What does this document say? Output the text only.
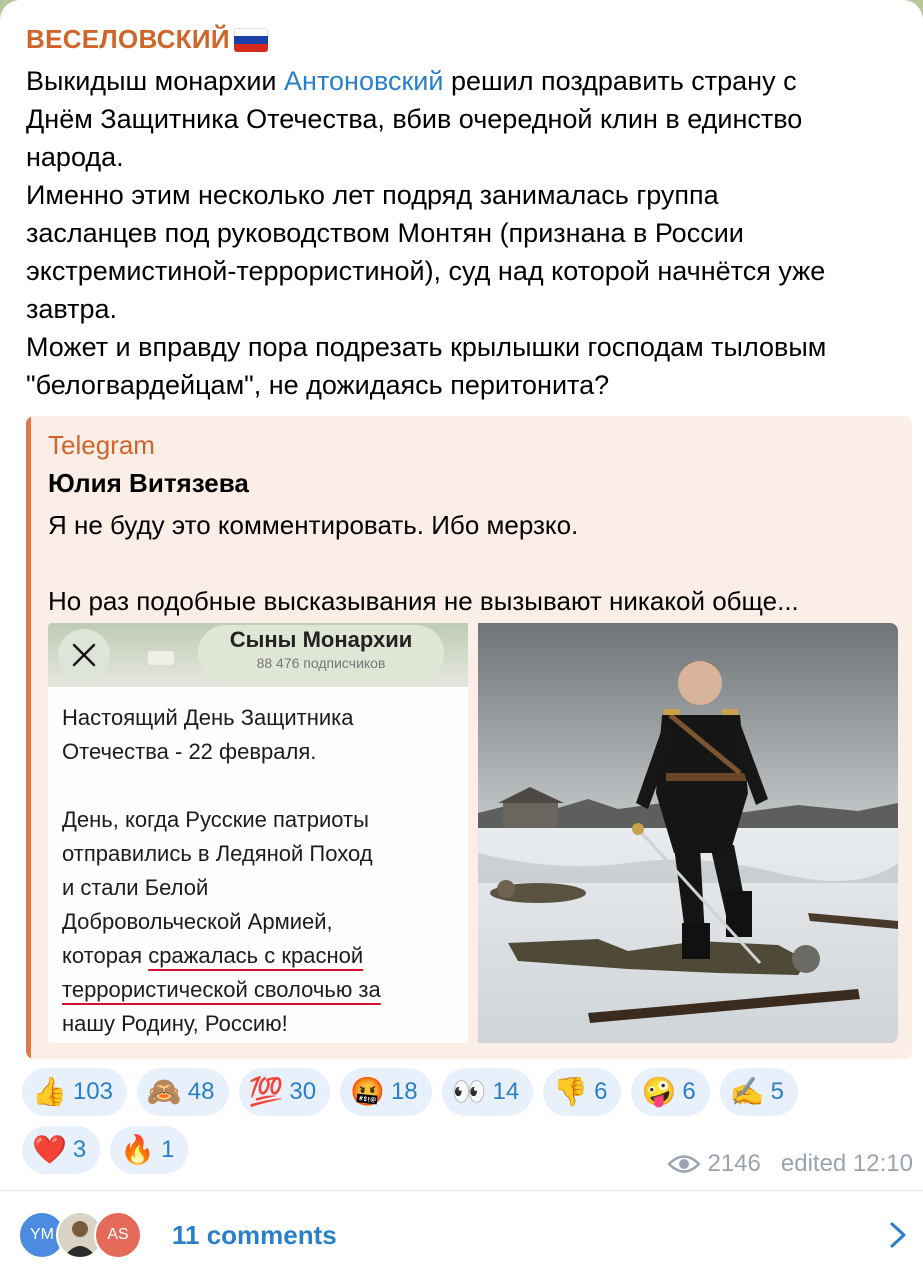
ВЕСЕЛОВСКИЙ

Выкидыш монархии Антоновский решил поздравить страну с

Днём Защитника Отечества, вбив очередной клин в единство

народа.

Именно этим несколько лет подряд занималась группа

засланцев под руководством Монтян (признана в России

экстремистиной-террористиной), суд над которой начнётся уже

завтра.

Может и вправду пора подрезать крылышки господам тыловым

"белогвардейцам", не дожидаясь перитонита?

Telegram
Юлия Витязева

Я не буду это комментировать. Ибо мерзко.

Но раз подобные высказывания не вызывают никакой обще...

Сыны Монархии
88 476 подписчиков

Настоящий День Защитника

Отечества - 22 февраля.

День, когда Русские патриоты

отправились в Ледяной Поход

и стали Белой

Добровольческой Армией,

которая сражалась с красной

террористической сволочью за

нашу Родину, Россию!

👍 103 🙈 48 💯 30 🤬 18 👀 14 👎 6 🤪 6 ✍️ 5
❤️ 3 🔥 1
2146 edited 12:10
YM	AS 11 comments
